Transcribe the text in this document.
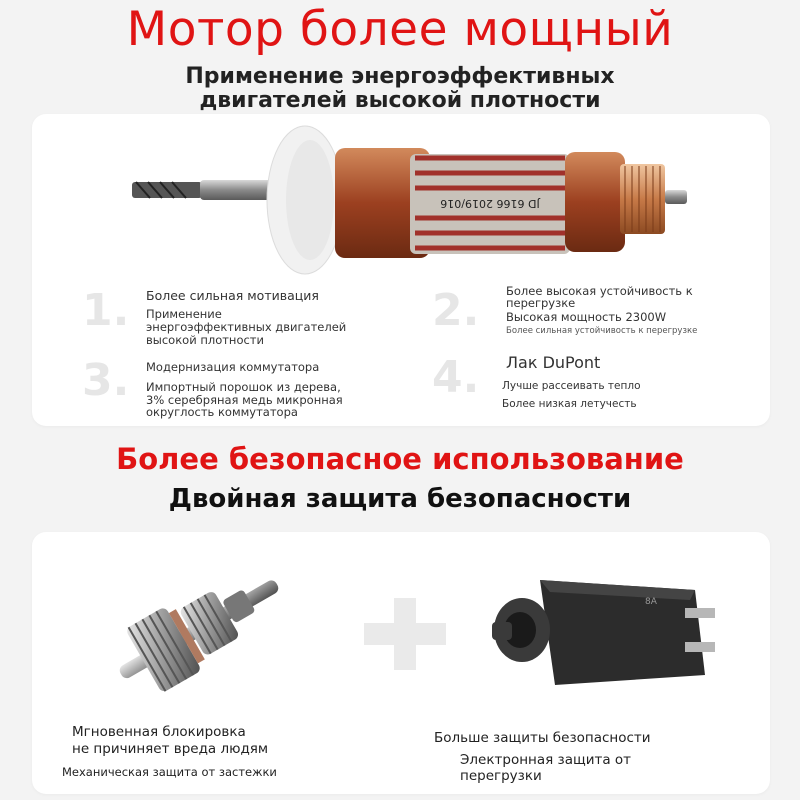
Мотор более мощный
Применение энергоэффективных
двигателей высокой плотности
JD 6166 2019/016
1. Более сильная мотивация
Применение
энергоэффективных двигателей
высокой плотности
2. Более высокая устойчивость к
перегрузке
Высокая мощность 2300W
Более сильная устойчивость к перегрузке
3. Модернизация коммутатора
Импортный порошок из дерева,
3% серебряная медь микронная
округлость коммутатора
4. Лак DuPont
Лучше рассеивать тепло
Более низкая летучесть
Более безопасное использование
Двойная защита безопасности
8A
Мгновенная блокировка
не причиняет вреда людям
Механическая защита от застежки
Больше защиты безопасности
Электронная защита от
перегрузки
